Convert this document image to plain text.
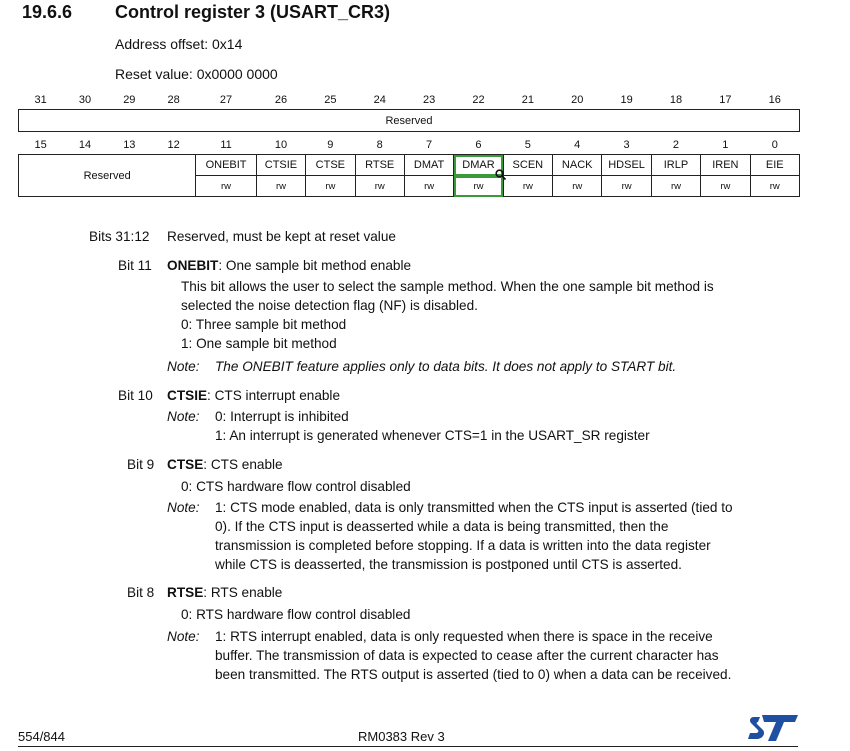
19.6.6 Control register 3 (USART_CR3)
Address offset: 0x14
Reset value: 0x0000 0000
31	30	29	28	27	26	25	24	23	22	21	20	19	18	17	16
Reserved
15	14	13	12	11	10	9	8	7	6	5	4	3	2	1	0
Reserved				ONEBIT	CTSIE	CTSE	RTSE	DMAT	DMAR	SCEN	NACK	HDSEL	IRLP	IREN	EIE
				rw	rw	rw	rw	rw	rw	rw	rw	rw	rw	rw	rw
Bits 31:12 Reserved, must be kept at reset value
Bit 11 ONEBIT: One sample bit method enable
This bit allows the user to select the sample method. When the one sample bit method is
selected the noise detection flag (NF) is disabled.
0: Three sample bit method
1: One sample bit method
Note: The ONEBIT feature applies only to data bits. It does not apply to START bit.
Bit 10 CTSIE: CTS interrupt enable
Note: 0: Interrupt is inhibited
1: An interrupt is generated whenever CTS=1 in the USART_SR register
Bit 9 CTSE: CTS enable
0: CTS hardware flow control disabled
Note: 1: CTS mode enabled, data is only transmitted when the CTS input is asserted (tied to
0). If the CTS input is deasserted while a data is being transmitted, then the
transmission is completed before stopping. If a data is written into the data register
while CTS is deasserted, the transmission is postponed until CTS is asserted.
Bit 8 RTSE: RTS enable
0: RTS hardware flow control disabled
Note: 1: RTS interrupt enabled, data is only requested when there is space in the receive
buffer. The transmission of data is expected to cease after the current character has
been transmitted. The RTS output is asserted (tied to 0) when a data can be received.
554/844	RM0383 Rev 3
